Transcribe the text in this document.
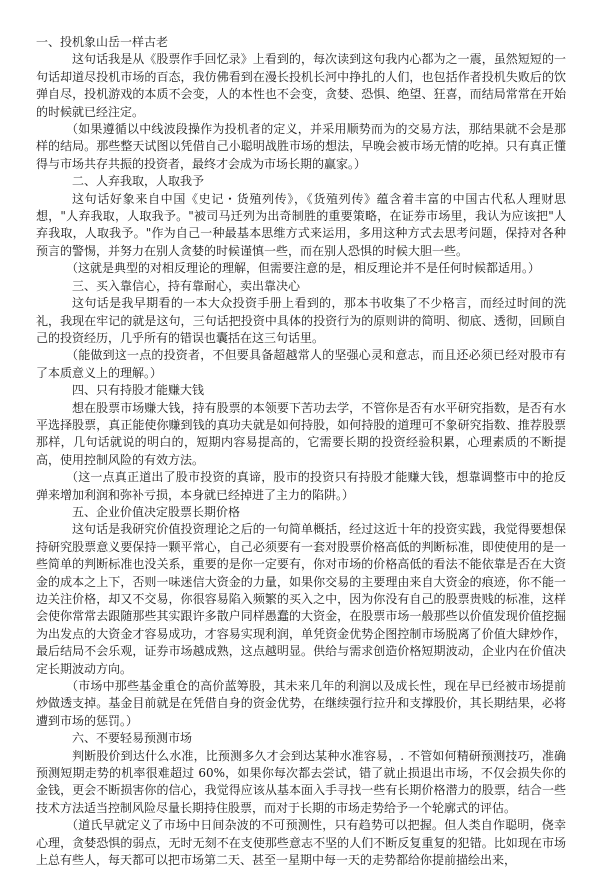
一、投机象山岳一样古老

这句话我是从《股票作手回忆录》上看到的，每次读到这句我内心都为之一震，虽然短短的一句话却道尽投机市场的百态，我仿佛看到在漫长投机长河中挣扎的人们，也包括作者投机失败后的饮弹自尽，投机游戏的本质不会变，人的本性也不会变，贪婪、恐惧、绝望、狂喜，而结局常常在开始的时候就已经注定。

（如果遵循以中线波段操作为投机者的定义，并采用顺势而为的交易方法，那结果就不会是那样的结局。那些整天试图以凭借自己小聪明战胜市场的想法，早晚会被市场无情的吃掉。只有真正懂得与市场共存共振的投资者，最终才会成为市场长期的赢家。）

二、人弃我取，人取我予

这句话好象来自中国《史记・货殖列传》，《货殖列传》蕴含着丰富的中国古代私人理财思想，"人弃我取，人取我予。"被司马迁列为出奇制胜的重要策略，在证券市场里，我认为应该把"人弃我取，人取我予。"作为自己一种最基本思维方式来运用，多用这种方式去思考问题，保持对各种预言的警惕，并努力在别人贪婪的时候谨慎一些，而在别人恐惧的时候大胆一些。

（这就是典型的对相反理论的理解，但需要注意的是，相反理论并不是任何时候都适用。）

三、买入靠信心，持有靠耐心，卖出靠决心

这句话是我早期看的一本大众投资手册上看到的，那本书收集了不少格言，而经过时间的洗礼，我现在牢记的就是这句，三句话把投资中具体的投资行为的原则讲的简明、彻底、透彻，回顾自己的投资经历，几乎所有的错误也囊括在这三句话里。

（能做到这一点的投资者，不但要具备超越常人的坚强心灵和意志，而且还必须已经对股市有了本质意义上的理解。）

四、只有持股才能赚大钱

想在股票市场赚大钱，持有股票的本领要下苦功去学，不管你是否有水平研究指数，是否有水平选择股票，真正能使你赚到钱的真功夫就是如何持股，如何持股的道理可不象研究指数、推荐股票那样，几句话就说的明白的，短期内容易提高的，它需要长期的投资经验积累，心理素质的不断提高，使用控制风险的有效方法。

（这一点真正道出了股市投资的真谛，股市的投资只有持股才能赚大钱，想靠调整市中的抢反弹来增加利润和弥补亏损，本身就已经掉进了主力的陷阱。）

五、企业价值决定股票长期价格

这句话是我研究价值投资理论之后的一句简单概括，经过这近十年的投资实践，我觉得要想保持研究股票意义要保持一颗平常心，自己必须要有一套对股票价格高低的判断标准，即使使用的是一些简单的判断标准也没关系，重要的是你一定要有，你对市场的价格高低的看法不能依靠是否在大资金的成本之上下，否则一味迷信大资金的力量，如果你交易的主要理由来自大资金的痕迹，你不能一边关注价格，却又不交易，你很容易陷入频繁的买入之中，因为你没有自己的股票贵贱的标准，这样会使你常常去跟随那些其实跟许多散户同样愚蠢的大资金，在股票市场一般那些以价值发现价值挖掘为出发点的大资金才容易成功，才容易实现利润，单凭资金优势企图控制市场脱离了价值大肆炒作，最后结局不会乐观，证券市场越成熟，这点越明显。供给与需求创造价格短期波动，企业内在价值决定长期波动方向。

（市场中那些基金重仓的高价蓝筹股，其未来几年的利润以及成长性，现在早已经被市场提前炒做透支掉。基金目前就是在凭借自身的资金优势，在继续强行拉升和支撑股价，其长期结果，必将遭到市场的惩罚。）

六、不要轻易预测市场

判断股价到达什么水准，比预测多久才会到达某种水准容易，. 不管如何精研预测技巧，准确预测短期走势的机率很难超过 60%，如果你每次都去尝试，错了就止损退出市场，不仅会损失你的金钱，更会不断损害你的信心，我觉得应该从基本面入手寻找一些有长期价格潜力的股票，结合一些技术方法适当控制风险尽量长期持住股票，而对于长期的市场走势给予一个轮廓式的评估。

（道氏早就定义了市场中日间杂波的不可预测性，只有趋势可以把握。但人类自作聪明，侥幸心理，贪婪恐惧的弱点，无时无刻不在支使那些意志不坚的人们不断反复重复的犯错。比如现在市场上总有些人，每天都可以把市场第二天、甚至一星期中每一天的走势都给你提前描绘出来，
